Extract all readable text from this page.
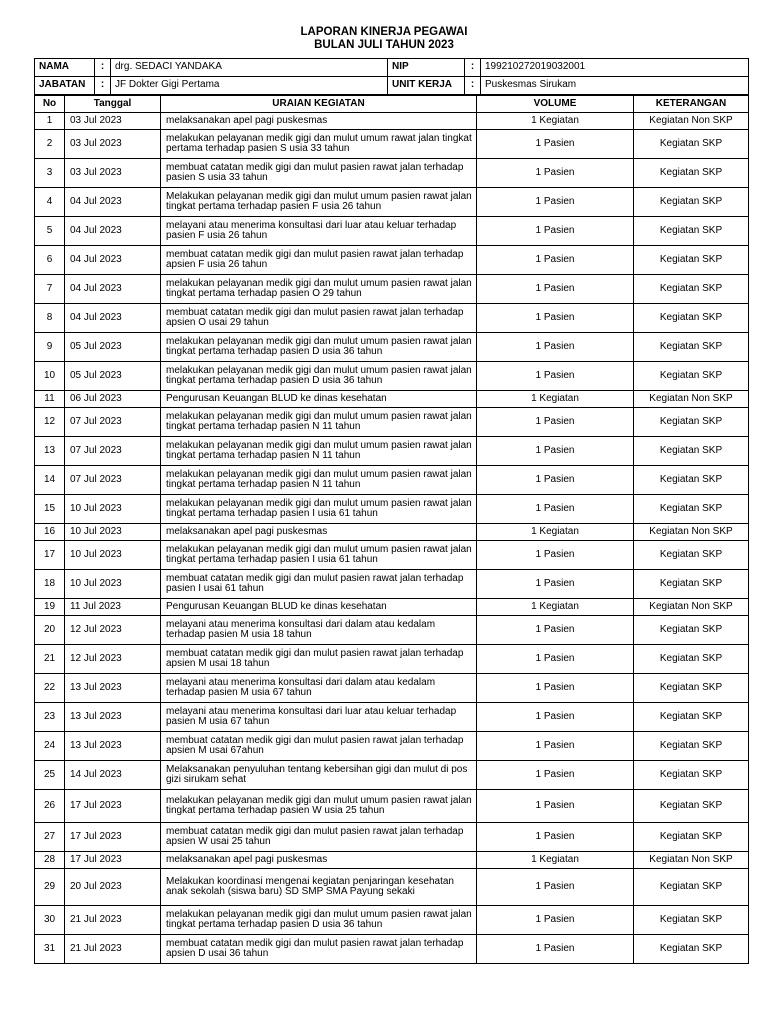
LAPORAN KINERJA PEGAWAI
BULAN JULI TAHUN 2023
NAMA	:	drg. SEDACI YANDAKA	NIP	:	199210272019032001
JABATAN	:	JF Dokter Gigi Pertama	UNIT KERJA	:	Puskesmas Sirukam
No	Tanggal	URAIAN KEGIATAN	VOLUME	KETERANGAN
1	03 Jul 2023	melaksanakan apel pagi puskesmas	1 Kegiatan	Kegiatan Non SKP
2	03 Jul 2023	melakukan pelayanan medik gigi dan mulut umum rawat jalan tingkat pertama terhadap pasien S usia 33 tahun	1 Pasien	Kegiatan SKP
3	03 Jul 2023	membuat catatan medik gigi dan mulut pasien rawat jalan terhadap pasien S usia 33 tahun	1 Pasien	Kegiatan SKP
4	04 Jul 2023	Melakukan pelayanan medik gigi dan mulut umum pasien rawat jalan tingkat pertama terhadap pasien F usia 26 tahun	1 Pasien	Kegiatan SKP
5	04 Jul 2023	melayani atau menerima konsultasi dari luar atau keluar terhadap pasien F usia 26 tahun	1 Pasien	Kegiatan SKP
6	04 Jul 2023	membuat catatan medik gigi dan mulut pasien rawat jalan terhadap apsien F usia 26 tahun	1 Pasien	Kegiatan SKP
7	04 Jul 2023	melakukan pelayanan medik gigi dan mulut umum pasien rawat jalan tingkat pertama terhadap pasien O 29 tahun	1 Pasien	Kegiatan SKP
8	04 Jul 2023	membuat catatan medik gigi dan mulut pasien rawat jalan terhadap apsien O usai 29 tahun	1 Pasien	Kegiatan SKP
9	05 Jul 2023	melakukan pelayanan medik gigi dan mulut umum pasien rawat jalan tingkat pertama terhadap pasien D usia 36 tahun	1 Pasien	Kegiatan SKP
10	05 Jul 2023	melakukan pelayanan medik gigi dan mulut umum pasien rawat jalan tingkat pertama terhadap pasien D usia 36 tahun	1 Pasien	Kegiatan SKP
11	06 Jul 2023	Pengurusan Keuangan BLUD ke dinas kesehatan	1 Kegiatan	Kegiatan Non SKP
12	07 Jul 2023	melakukan pelayanan medik gigi dan mulut umum pasien rawat jalan tingkat pertama terhadap pasien N 11 tahun	1 Pasien	Kegiatan SKP
13	07 Jul 2023	melakukan pelayanan medik gigi dan mulut umum pasien rawat jalan tingkat pertama terhadap pasien N 11 tahun	1 Pasien	Kegiatan SKP
14	07 Jul 2023	melakukan pelayanan medik gigi dan mulut umum pasien rawat jalan tingkat pertama terhadap pasien N 11 tahun	1 Pasien	Kegiatan SKP
15	10 Jul 2023	melakukan pelayanan medik gigi dan mulut umum pasien rawat jalan tingkat pertama terhadap pasien I usia 61 tahun	1 Pasien	Kegiatan SKP
16	10 Jul 2023	melaksanakan apel pagi puskesmas	1 Kegiatan	Kegiatan Non SKP
17	10 Jul 2023	melakukan pelayanan medik gigi dan mulut umum pasien rawat jalan tingkat pertama terhadap pasien I usia 61 tahun	1 Pasien	Kegiatan SKP
18	10 Jul 2023	membuat catatan medik gigi dan mulut pasien rawat jalan terhadap pasien I usai 61 tahun	1 Pasien	Kegiatan SKP
19	11 Jul 2023	Pengurusan Keuangan BLUD ke dinas kesehatan	1 Kegiatan	Kegiatan Non SKP
20	12 Jul 2023	melayani atau menerima konsultasi dari dalam atau kedalam terhadap pasien M usia 18 tahun	1 Pasien	Kegiatan SKP
21	12 Jul 2023	membuat catatan medik gigi dan mulut pasien rawat jalan terhadap apsien M usai 18 tahun	1 Pasien	Kegiatan SKP
22	13 Jul 2023	melayani atau menerima konsultasi dari dalam atau kedalam terhadap pasien M usia 67 tahun	1 Pasien	Kegiatan SKP
23	13 Jul 2023	melayani atau menerima konsultasi dari luar atau keluar terhadap pasien M usia 67 tahun	1 Pasien	Kegiatan SKP
24	13 Jul 2023	membuat catatan medik gigi dan mulut pasien rawat jalan terhadap apsien M usai 67ahun	1 Pasien	Kegiatan SKP
25	14 Jul 2023	Melaksanakan penyuluhan tentang kebersihan gigi dan mulut di pos gizi sirukam sehat	1 Pasien	Kegiatan SKP
26	17 Jul 2023	melakukan pelayanan medik gigi dan mulut umum pasien rawat jalan tingkat pertama terhadap pasien W usia 25 tahun	1 Pasien	Kegiatan SKP
27	17 Jul 2023	membuat catatan medik gigi dan mulut pasien rawat jalan terhadap apsien W usai 25 tahun	1 Pasien	Kegiatan SKP
28	17 Jul 2023	melaksanakan apel pagi puskesmas	1 Kegiatan	Kegiatan Non SKP
29	20 Jul 2023	Melakukan koordinasi mengenai kegiatan penjaringan kesehatan anak sekolah (siswa baru) SD SMP SMA Payung sekaki	1 Pasien	Kegiatan SKP
30	21 Jul 2023	melakukan pelayanan medik gigi dan mulut umum pasien rawat jalan tingkat pertama terhadap pasien D usia 36 tahun	1 Pasien	Kegiatan SKP
31	21 Jul 2023	membuat catatan medik gigi dan mulut pasien rawat jalan terhadap apsien D usai 36 tahun	1 Pasien	Kegiatan SKP
